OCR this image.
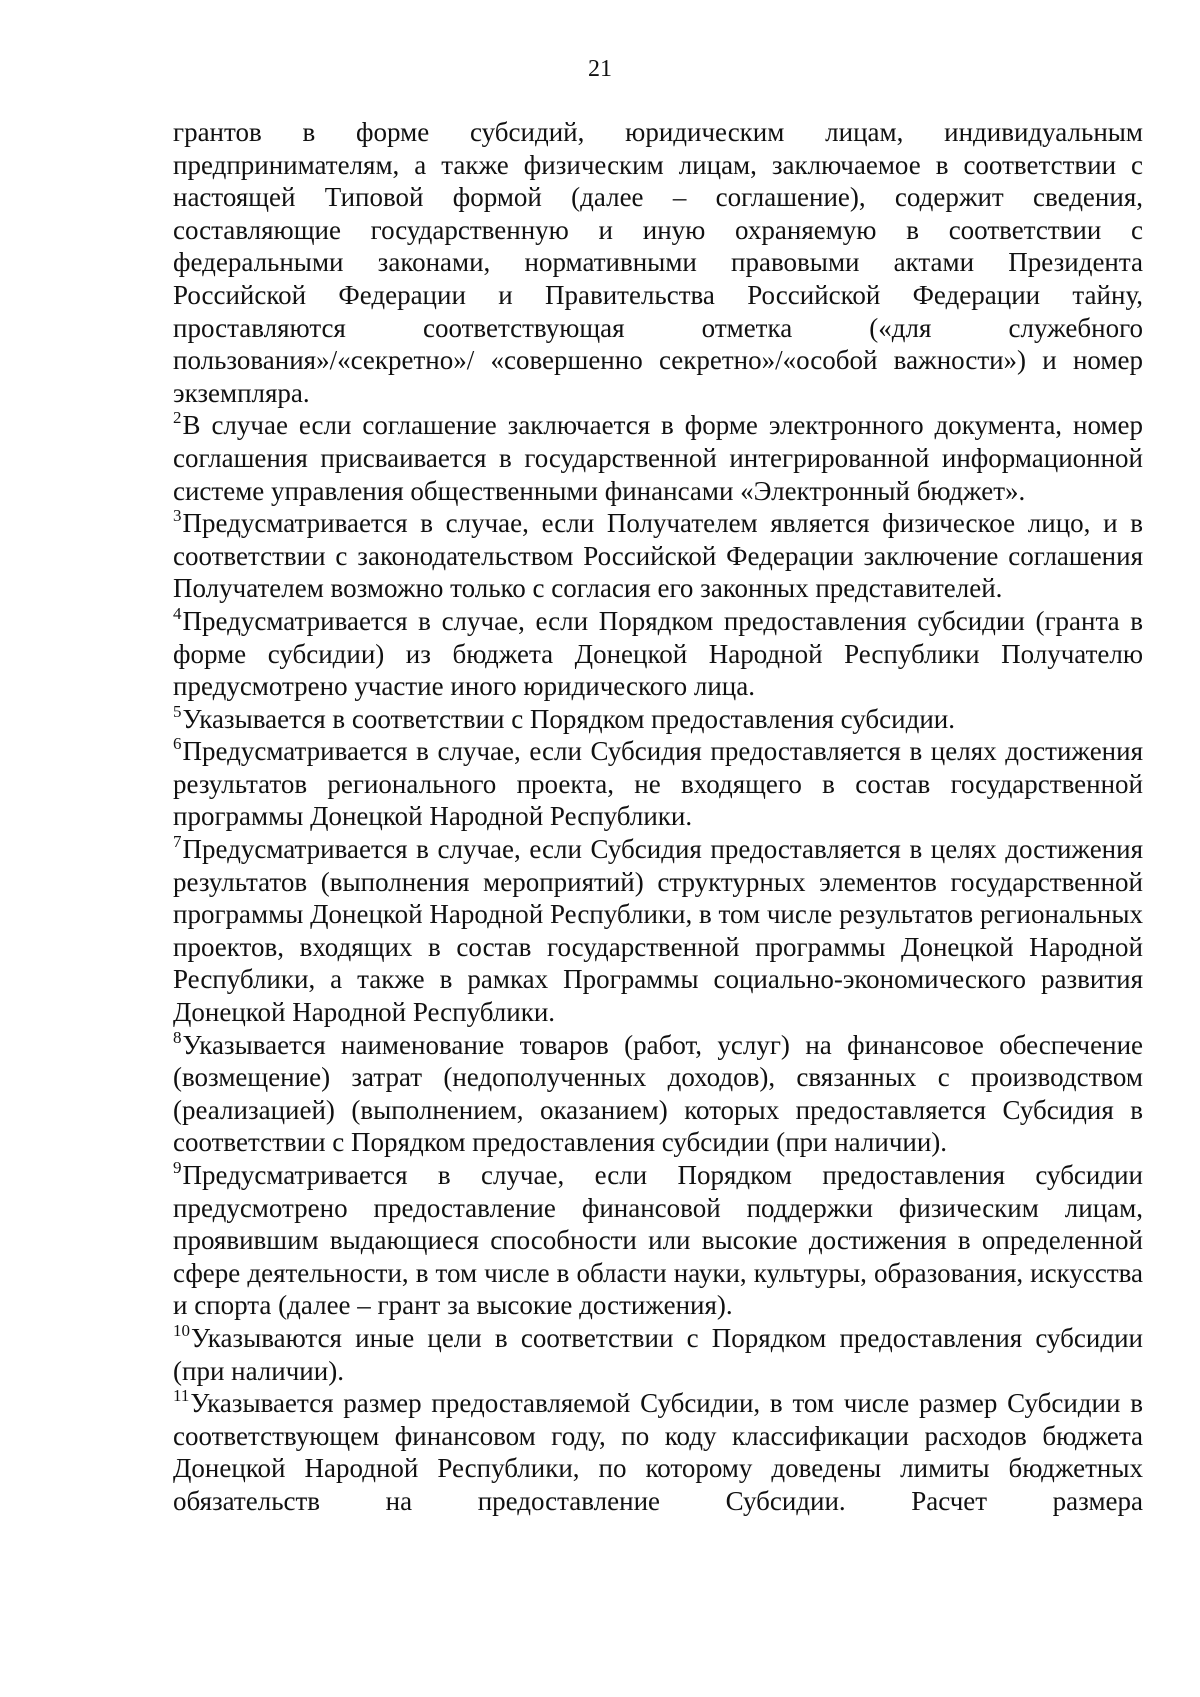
21

грантов в форме субсидий, юридическим лицам, индивидуальным предпринимателям, а также физическим лицам, заключаемое в соответствии с настоящей Типовой формой (далее – соглашение), содержит сведения, составляющие государственную и иную охраняемую в соответствии с федеральными законами, нормативными правовыми актами Президента Российской Федерации и Правительства Российской Федерации тайну, проставляются соответствующая отметка («для служебного пользования»/«секретно»/ «совершенно секретно»/«особой важности») и номер экземпляра.

$^2$В случае если соглашение заключается в форме электронного документа, номер соглашения присваивается в государственной интегрированной информационной системе управления общественными финансами «Электронный бюджет».

$^3$Предусматривается в случае, если Получателем является физическое лицо, и в соответствии с законодательством Российской Федерации заключение соглашения Получателем возможно только с согласия его законных представителей.

$^4$Предусматривается в случае, если Порядком предоставления субсидии (гранта в форме субсидии) из бюджета Донецкой Народной Республики Получателю предусмотрено участие иного юридического лица.

$^5$Указывается в соответствии с Порядком предоставления субсидии.

$^6$Предусматривается в случае, если Субсидия предоставляется в целях достижения результатов регионального проекта, не входящего в состав государственной программы Донецкой Народной Республики.

$^7$Предусматривается в случае, если Субсидия предоставляется в целях достижения результатов (выполнения мероприятий) структурных элементов государственной программы Донецкой Народной Республики, в том числе результатов региональных проектов, входящих в состав государственной программы Донецкой Народной Республики, а также в рамках Программы социально-экономического развития Донецкой Народной Республики.

$^8$Указывается наименование товаров (работ, услуг) на финансовое обеспечение (возмещение) затрат (недополученных доходов), связанных с производством (реализацией) (выполнением, оказанием) которых предоставляется Субсидия в соответствии с Порядком предоставления субсидии (при наличии).

$^9$Предусматривается в случае, если Порядком предоставления субсидии предусмотрено предоставление финансовой поддержки физическим лицам, проявившим выдающиеся способности или высокие достижения в определенной сфере деятельности, в том числе в области науки, культуры, образования, искусства и спорта (далее – грант за высокие достижения).

$^{10}$Указываются иные цели в соответствии с Порядком предоставления субсидии (при наличии).

$^{11}$Указывается размер предоставляемой Субсидии, в том числе размер Субсидии в соответствующем финансовом году, по коду классификации расходов бюджета Донецкой Народной Республики, по которому доведены лимиты бюджетных обязательств на предоставление Субсидии. Расчет размера
